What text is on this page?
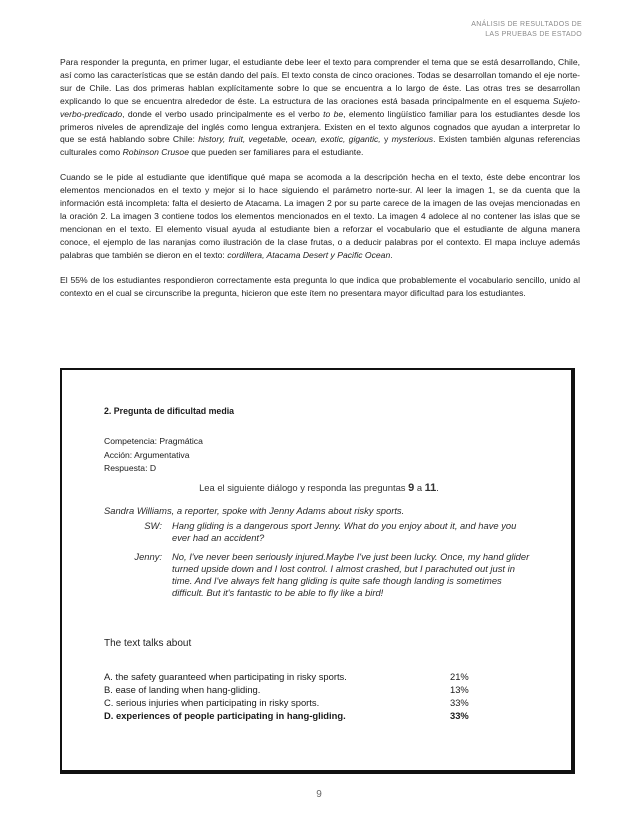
ANÁLISIS DE RESULTADOS DE
LAS PRUEBAS DE ESTADO

Para responder la pregunta, en primer lugar, el estudiante debe leer el texto para comprender el tema que se está desarrollando, Chile, así como las características que se están dando del país. El texto consta de cinco oraciones. Todas se desarrollan tomando el eje norte-sur de Chile. Las dos primeras hablan explícitamente sobre lo que se encuentra a lo largo de éste. Las otras tres se desarrollan explicando lo que se encuentra alrededor de éste. La estructura de las oraciones está basada principalmente en el esquema Sujeto-verbo-predicado, donde el verbo usado principalmente es el verbo to be, elemento lingüístico familiar para los estudiantes desde los primeros niveles de aprendizaje del inglés como lengua extranjera. Existen en el texto algunos cognados que ayudan a interpretar lo que se está hablando sobre Chile: history, fruit, vegetable, ocean, exotic, gigantic, y mysterious. Existen también algunas referencias culturales como Robinson Crusoe que pueden ser familiares para el estudiante.

Cuando se le pide al estudiante que identifique qué mapa se acomoda a la descripción hecha en el texto, éste debe encontrar los elementos mencionados en el texto y mejor si lo hace siguiendo el parámetro norte-sur. Al leer la imagen 1, se da cuenta que la información está incompleta: falta el desierto de Atacama. La imagen 2 por su parte carece de la imagen de las ovejas mencionadas en la oración 2. La imagen 3 contiene todos los elementos mencionados en el texto. La imagen 4 adolece al no contener las islas que se mencionan en el texto. El elemento visual ayuda al estudiante bien a reforzar el vocabulario que el estudiante de alguna manera conoce, el ejemplo de las naranjas como ilustración de la clase frutas, o a deducir palabras por el contexto. El mapa incluye además palabras que también se dieron en el texto: cordillera, Atacama Desert y Pacific Ocean.

El 55% de los estudiantes respondieron correctamente esta pregunta lo que indica que probablemente el vocabulario sencillo, unido al contexto en el cual se circunscribe la pregunta, hicieron que este ítem no presentara mayor dificultad para los estudiantes.

2. Pregunta de dificultad media
Competencia: Pragmática
Acción: Argumentativa
Respuesta: D
Lea el siguiente diálogo y responda las preguntas 9 a 11.
Sandra Williams, a reporter, spoke with Jenny Adams about risky sports.
SW:	Hang gliding is a dangerous sport Jenny. What do you enjoy about it, and have you ever had an accident?
Jenny:	No, I've never been seriously injured.Maybe I've just been lucky. Once, my hand glider turned upside down and I lost control. I almost crashed, but I parachuted out just in time. And I've always felt hang gliding is quite safe though landing is sometimes difficult. But it's fantastic to be able to fly like a bird!
The text talks about
A. the safety guaranteed when participating in risky sports.	21%
B. ease of landing when hang-gliding.	13%
C. serious injuries when participating in risky sports.	33%
D. experiences of people participating in hang-gliding.	33%
9
